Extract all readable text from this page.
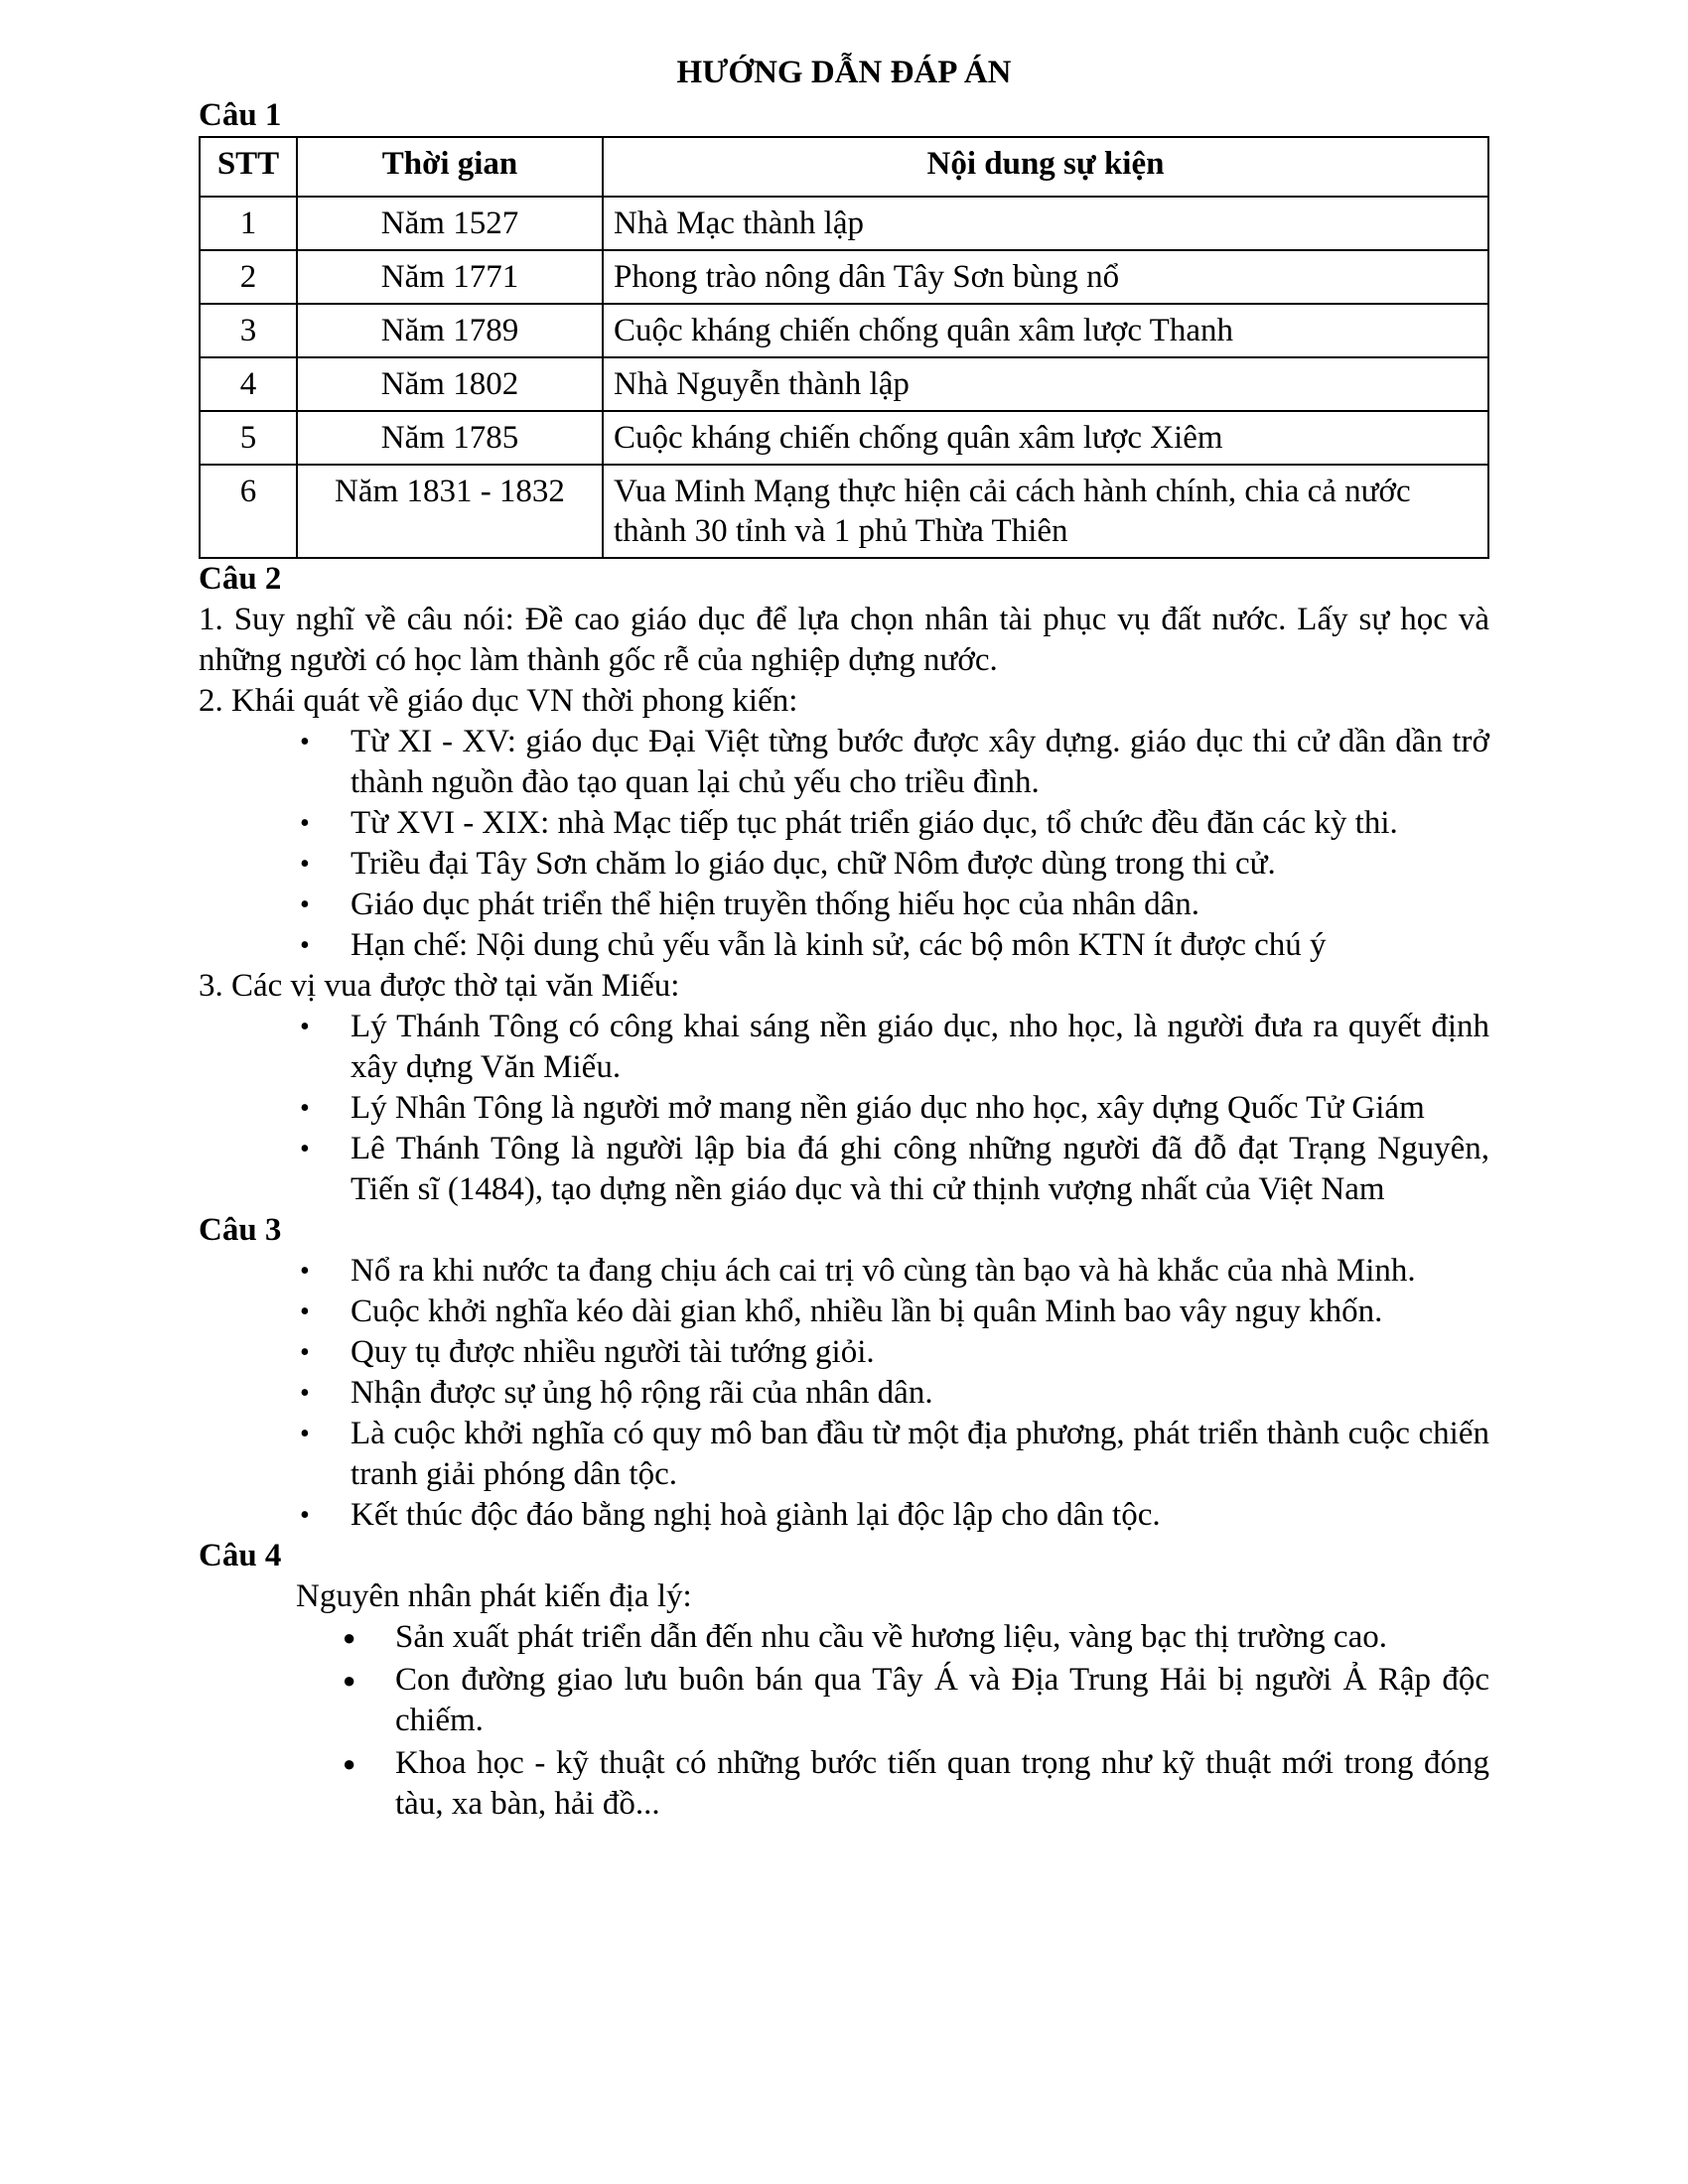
HƯỚNG DẪN ĐÁP ÁN

Câu 1

STT	Thời gian	Nội dung sự kiện
1	Năm 1527	Nhà Mạc thành lập
2	Năm 1771	Phong trào nông dân Tây Sơn bùng nổ
3	Năm 1789	Cuộc kháng chiến chống quân xâm lược Thanh
4	Năm 1802	Nhà Nguyễn thành lập
5	Năm 1785	Cuộc kháng chiến chống quân xâm lược Xiêm
6	Năm 1831 - 1832	Vua Minh Mạng thực hiện cải cách hành chính, chia cả nước thành 30 tỉnh và 1 phủ Thừa Thiên

Câu 2

1. Suy nghĩ về câu nói: Đề cao giáo dục để lựa chọn nhân tài phục vụ đất nước. Lấy sự học và những người có học làm thành gốc rễ của nghiệp dựng nước.

2. Khái quát về giáo dục VN thời phong kiến:

• Từ XI - XV: giáo dục Đại Việt từng bước được xây dựng. giáo dục thi cử dần dần trở thành nguồn đào tạo quan lại chủ yếu cho triều đình.
• Từ XVI - XIX: nhà Mạc tiếp tục phát triển giáo dục, tổ chức đều đăn các kỳ thi.
• Triều đại Tây Sơn chăm lo giáo dục, chữ Nôm được dùng trong thi cử.
• Giáo dục phát triển thể hiện truyền thống hiếu học của nhân dân.
• Hạn chế: Nội dung chủ yếu vẫn là kinh sử, các bộ môn KTN ít được chú ý

3. Các vị vua được thờ tại văn Miếu:

• Lý Thánh Tông có công khai sáng nền giáo dục, nho học, là người đưa ra quyết định xây dựng Văn Miếu.
• Lý Nhân Tông là người mở mang nền giáo dục nho học, xây dựng Quốc Tử Giám
• Lê Thánh Tông là người lập bia đá ghi công những người đã đỗ đạt Trạng Nguyên, Tiến sĩ (1484), tạo dựng nền giáo dục và thi cử thịnh vượng nhất của Việt Nam

Câu 3

• Nổ ra khi nước ta đang chịu ách cai trị vô cùng tàn bạo và hà khắc của nhà Minh.
• Cuộc khởi nghĩa kéo dài gian khổ, nhiều lần bị quân Minh bao vây nguy khốn.
• Quy tụ được nhiều người tài tướng giỏi.
• Nhận được sự ủng hộ rộng rãi của nhân dân.
• Là cuộc khởi nghĩa có quy mô ban đầu từ một địa phương, phát triển thành cuộc chiến tranh giải phóng dân tộc.
• Kết thúc độc đáo bằng nghị hoà giành lại độc lập cho dân tộc.

Câu 4

Nguyên nhân phát kiến địa lý:

● Sản xuất phát triển dẫn đến nhu cầu về hương liệu, vàng bạc thị trường cao.
● Con đường giao lưu buôn bán qua Tây Á và Địa Trung Hải bị người Ả Rập độc chiếm.
● Khoa học - kỹ thuật có những bước tiến quan trọng như kỹ thuật mới trong đóng tàu, xa bàn, hải đồ...
